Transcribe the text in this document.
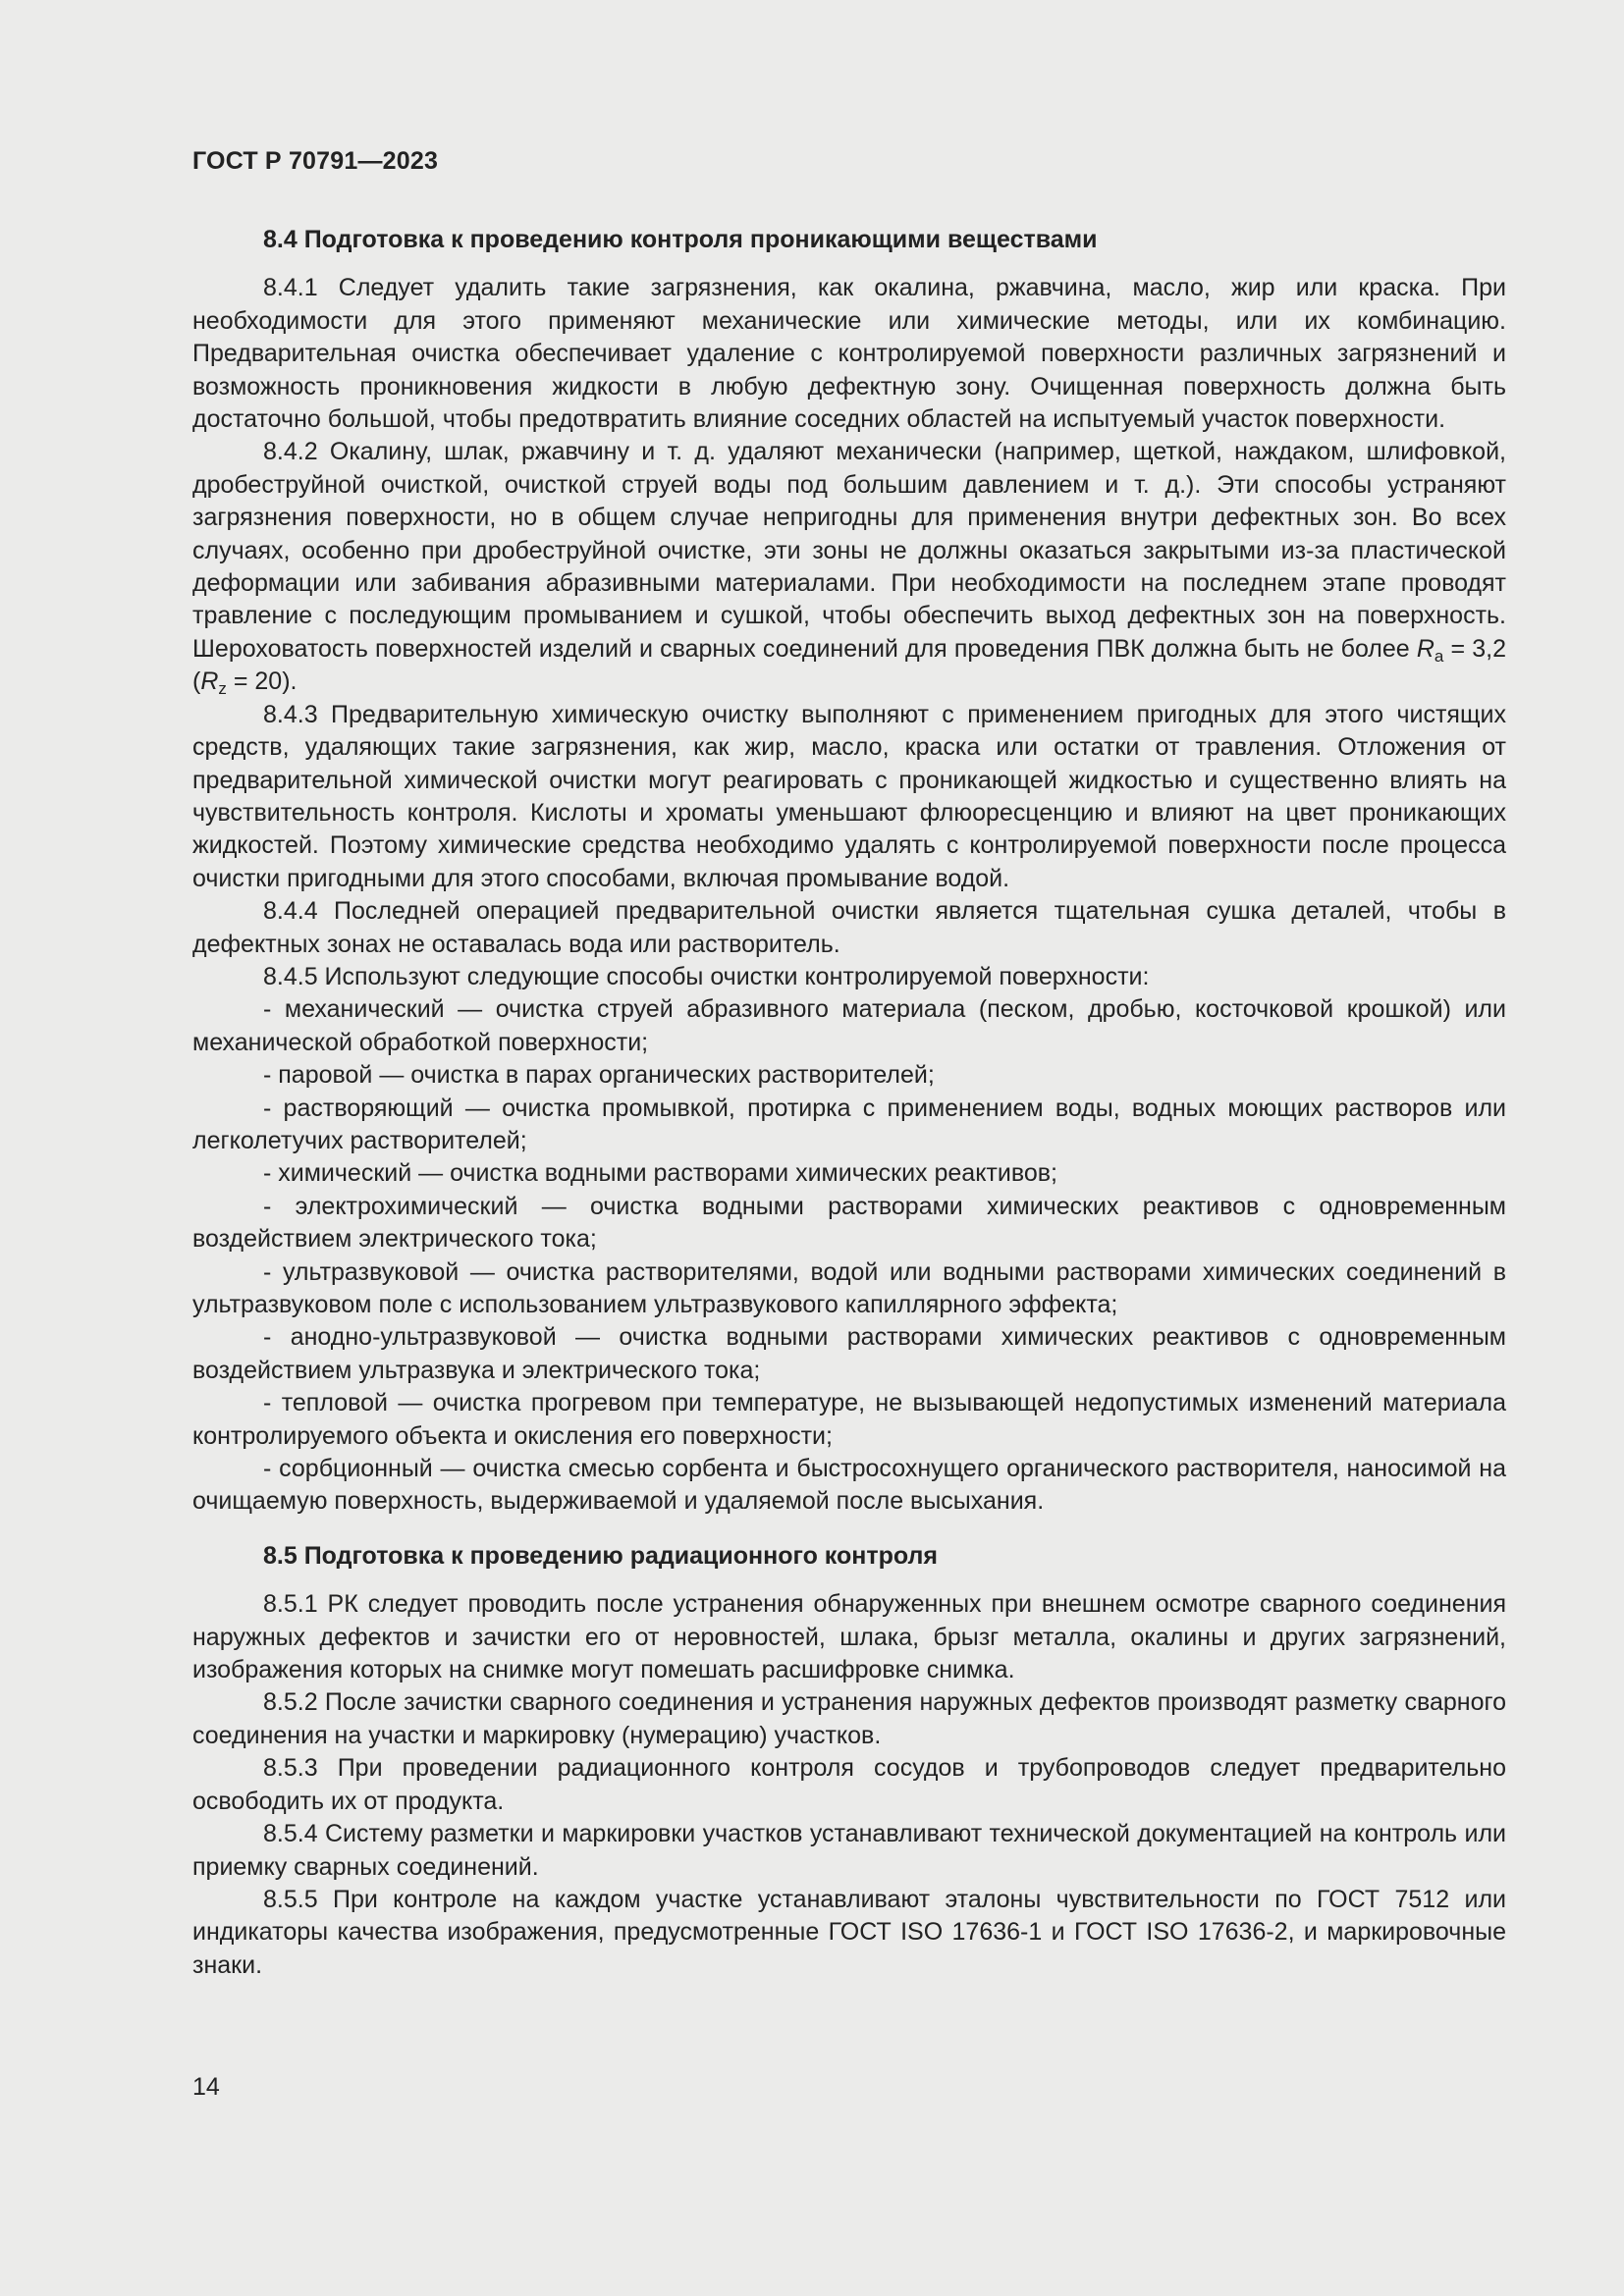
ГОСТ Р 70791—2023
8.4 Подготовка к проведению контроля проникающими веществами

8.4.1 Следует удалить такие загрязнения, как окалина, ржавчина, масло, жир или краска. При необходимости для этого применяют механические или химические методы, или их комбинацию. Предварительная очистка обеспечивает удаление с контролируемой поверхности различных загрязнений и возможность проникновения жидкости в любую дефектную зону. Очищенная поверхность должна быть достаточно большой, чтобы предотвратить влияние соседних областей на испытуемый участок поверхности.

8.4.2 Окалину, шлак, ржавчину и т. д. удаляют механически (например, щеткой, наждаком, шлифовкой, дробеструйной очисткой, очисткой струей воды под большим давлением и т. д.). Эти способы устраняют загрязнения поверхности, но в общем случае непригодны для применения внутри дефектных зон. Во всех случаях, особенно при дробеструйной очистке, эти зоны не должны оказаться закрытыми из-за пластической деформации или забивания абразивными материалами. При необходимости на последнем этапе проводят травление с последующим промыванием и сушкой, чтобы обеспечить выход дефектных зон на поверхность. Шероховатость поверхностей изделий и сварных соединений для проведения ПВК должна быть не более $R_a = 3,2$ $(R_z = 20)$.

8.4.3 Предварительную химическую очистку выполняют с применением пригодных для этого чистящих средств, удаляющих такие загрязнения, как жир, масло, краска или остатки от травления. Отложения от предварительной химической очистки могут реагировать с проникающей жидкостью и существенно влиять на чувствительность контроля. Кислоты и хроматы уменьшают флюоресценцию и влияют на цвет проникающих жидкостей. Поэтому химические средства необходимо удалять с контролируемой поверхности после процесса очистки пригодными для этого способами, включая промывание водой.

8.4.4 Последней операцией предварительной очистки является тщательная сушка деталей, чтобы в дефектных зонах не оставалась вода или растворитель.

8.4.5 Используют следующие способы очистки контролируемой поверхности:

- механический — очистка струей абразивного материала (песком, дробью, косточковой крошкой) или механической обработкой поверхности;

- паровой — очистка в парах органических растворителей;

- растворяющий — очистка промывкой, протирка с применением воды, водных моющих растворов или легколетучих растворителей;

- химический — очистка водными растворами химических реактивов;

- электрохимический — очистка водными растворами химических реактивов с одновременным воздействием электрического тока;

- ультразвуковой — очистка растворителями, водой или водными растворами химических соединений в ультразвуковом поле с использованием ультразвукового капиллярного эффекта;

- анодно-ультразвуковой — очистка водными растворами химических реактивов с одновременным воздействием ультразвука и электрического тока;

- тепловой — очистка прогревом при температуре, не вызывающей недопустимых изменений материала контролируемого объекта и окисления его поверхности;

- сорбционный — очистка смесью сорбента и быстросохнущего органического растворителя, наносимой на очищаемую поверхность, выдерживаемой и удаляемой после высыхания.

8.5 Подготовка к проведению радиационного контроля

8.5.1 РК следует проводить после устранения обнаруженных при внешнем осмотре сварного соединения наружных дефектов и зачистки его от неровностей, шлака, брызг металла, окалины и других загрязнений, изображения которых на снимке могут помешать расшифровке снимка.

8.5.2 После зачистки сварного соединения и устранения наружных дефектов производят разметку сварного соединения на участки и маркировку (нумерацию) участков.

8.5.3 При проведении радиационного контроля сосудов и трубопроводов следует предварительно освободить их от продукта.

8.5.4 Систему разметки и маркировки участков устанавливают технической документацией на контроль или приемку сварных соединений.

8.5.5 При контроле на каждом участке устанавливают эталоны чувствительности по ГОСТ 7512 или индикаторы качества изображения, предусмотренные ГОСТ ISO 17636-1 и ГОСТ ISO 17636-2, и маркировочные знаки.

14
